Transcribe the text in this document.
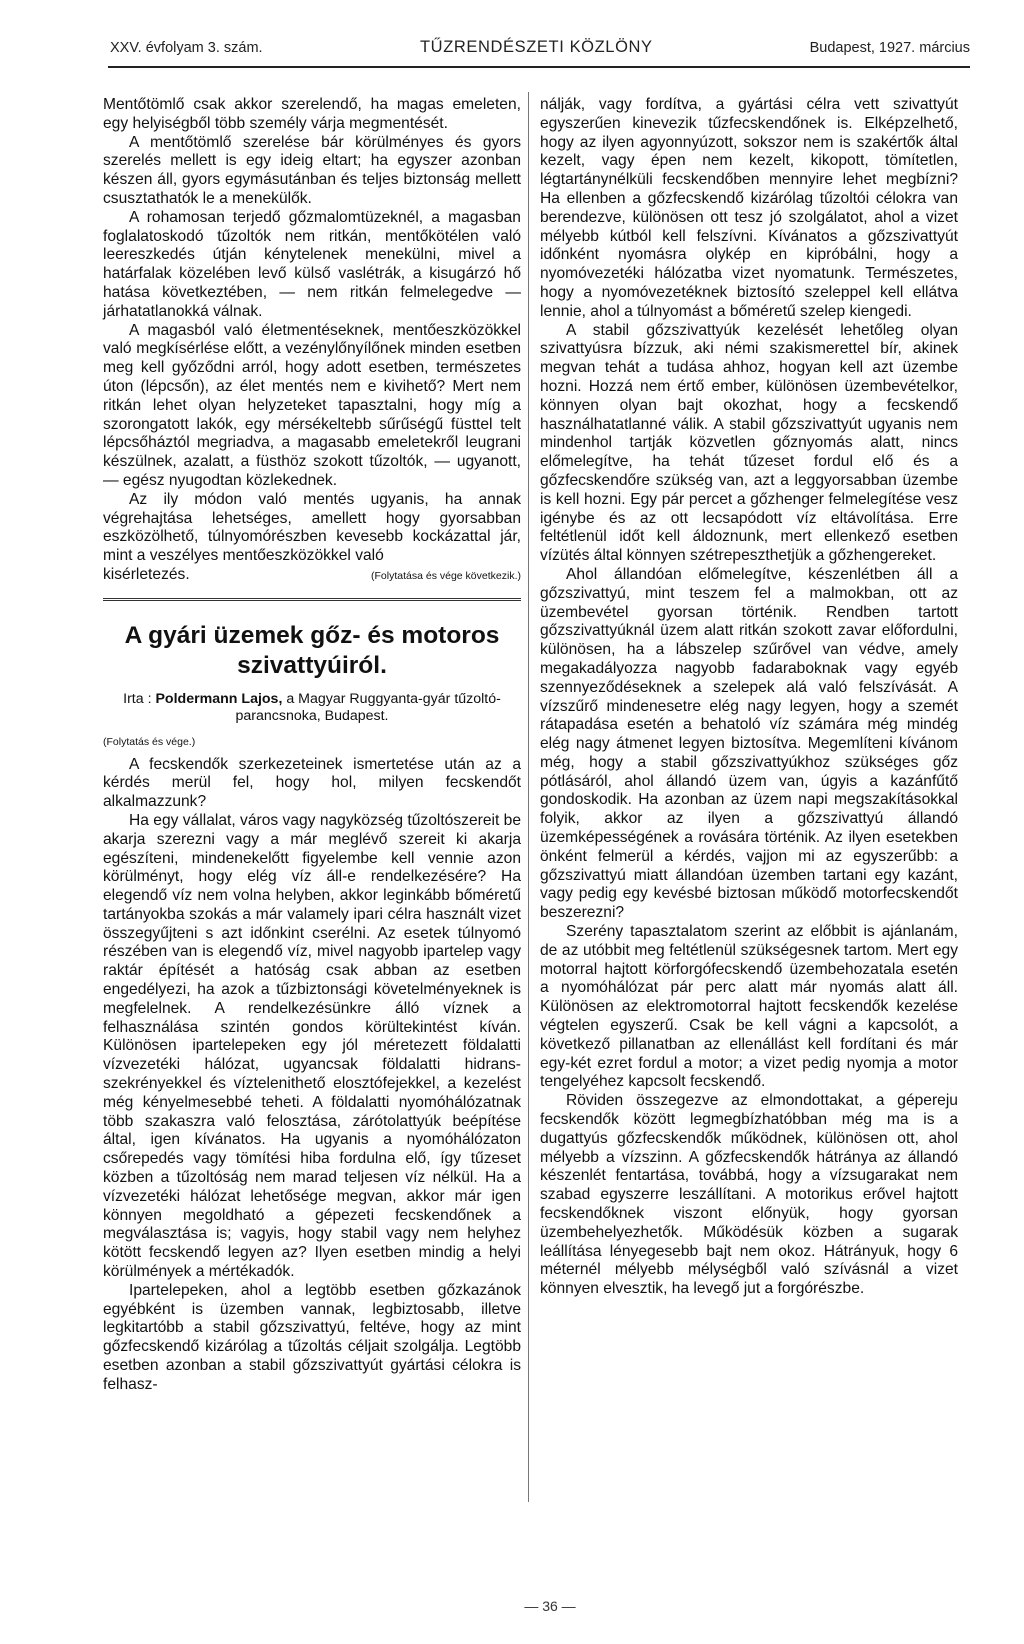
XXV. évfolyam 3. szám.	TŰZRENDÉSZETI KÖZLÖNY	Budapest, 1927. március

Mentőtömlő csak akkor szerelendő, ha magas emeleten, egy helyiségből több személy várja megmentését.

A mentőtömlő szerelése bár körülményes és gyors szerelés mellett is egy ideig eltart; ha egyszer azonban készen áll, gyors egymásutánban és teljes biztonság mellett csusztathatók le a menekülők.

A rohamosan terjedő gőzmalomtüzeknél, a magasban foglalatoskodó tűzoltók nem ritkán, mentőkötélen való leereszkedés útján kénytelenek menekülni, mivel a határfalak közelében levő külső vaslétrák, a kisugárzó hő hatása következtében, — nem ritkán felmelegedve — járhatatlanokká válnak.

A magasból való életmentéseknek, mentőeszközökkel való megkísérlése előtt, a vezénylőnyílőnek minden esetben meg kell győződni arról, hogy adott esetben, természetes úton (lépcsőn), az élet mentés nem e kivihető? Mert nem ritkán lehet olyan helyzeteket tapasztalni, hogy míg a szorongatott lakók, egy mérsékeltebb sűrűségű füsttel telt lépcsőháztól megriadva, a magasabb emeletekről leugrani készülnek, azalatt, a füsthöz szokott tűzoltók, — ugyanott, — egész nyugodtan közlekednek.

Az ily módon való mentés ugyanis, ha annak végrehajtása lehetséges, amellett hogy gyorsabban eszközölhető, túlnyomórészben kevesebb kockázattal jár, mint a veszélyes mentőeszközökkel való

kisérletezés.	(Folytatása és vége következik.)
A gyári üzemek gőz- és motoros szivattyúiról.
Irta : Poldermann Lajos, a Magyar Ruggyanta-gyár tűzoltó-parancsnoka, Budapest.
(Folytatás és vége.)

A fecskendők szerkezeteinek ismertetése után az a kérdés merül fel, hogy hol, milyen fecskendőt alkalmazzunk?

Ha egy vállalat, város vagy nagyközség tűzoltószereit be akarja szerezni vagy a már meglévő szereit ki akarja egészíteni, mindenekelőtt figyelembe kell vennie azon körülményt, hogy elég víz áll-e rendelkezésére? Ha elegendő víz nem volna helyben, akkor leginkább bőméretű tartányokba szokás a már valamely ipari célra használt vizet összegyűjteni s azt időnkint cserélni. Az esetek túlnyomó részében van is elegendő víz, mivel nagyobb ipartelep vagy raktár építését a hatóság csak abban az esetben engedélyezi, ha azok a tűzbiztonsági követelményeknek is megfelelnek. A rendelkezésünkre álló víznek a felhasználása szintén gondos körültekintést kíván. Különösen ipartelepeken egy jól méretezett földalatti vízvezetéki hálózat, ugyancsak földalatti hidrans-szekrényekkel és víztelenithető elosztófejekkel, a kezelést még kényelmesebbé teheti. A földalatti nyomóhálózatnak több szakaszra való felosztása, zárótolattyúk beépítése által, igen kívánatos. Ha ugyanis a nyomóhálózaton csőrepedés vagy tömítési hiba fordulna elő, így tűzeset közben a tűzoltóság nem marad teljesen víz nélkül. Ha a vízvezetéki hálózat lehetősége megvan, akkor már igen könnyen megoldható a gépezeti fecskendőnek a megválasztása is; vagyis, hogy stabil vagy nem helyhez kötött fecskendő legyen az? Ilyen esetben mindig a helyi körülmények a mértékadók.

Ipartelepeken, ahol a legtöbb esetben gőzkazánok egyébként is üzemben vannak, legbiztosabb, illetve legkitartóbb a stabil gőzszivattyú, feltéve, hogy az mint gőzfecskendő kizárólag a tűzoltás céljait szolgálja. Legtöbb esetben azonban a stabil gőzszivattyút gyártási célokra is felhasz-

nálják, vagy fordítva, a gyártási célra vett szivattyút egyszerűen kinevezik tűzfecskendőnek is. Elképzelhető, hogy az ilyen agyonnyúzott, sokszor nem is szakértők által kezelt, vagy épen nem kezelt, kikopott, tömítetlen, légtartánynélküli fecskendőben mennyire lehet megbízni? Ha ellenben a gőzfecskendő kizárólag tűzoltói célokra van berendezve, különösen ott tesz jó szolgálatot, ahol a vizet mélyebb kútból kell felszívni. Kívánatos a gőzszivattyút időnként nyomásra olykép en kipróbálni, hogy a nyomóvezetéki hálózatba vizet nyomatunk. Természetes, hogy a nyomóvezetéknek biztosító szeleppel kell ellátva lennie, ahol a túlnyomást a bőméretű szelep kiengedi.

A stabil gőzszivattyúk kezelését lehetőleg olyan szivattyúsra bízzuk, aki némi szakismerettel bír, akinek megvan tehát a tudása ahhoz, hogyan kell azt üzembe hozni. Hozzá nem értő ember, különösen üzembevételkor, könnyen olyan bajt okozhat, hogy a fecskendő használhatatlanné válik. A stabil gőzszivattyút ugyanis nem mindenhol tartják közvetlen gőznyomás alatt, nincs előmelegítve, ha tehát tűzeset fordul elő és a gőzfecskendőre szükség van, azt a leggyorsabban üzembe is kell hozni. Egy pár percet a gőzhenger felmelegítése vesz igénybe és az ott lecsapódott víz eltávolítása. Erre feltétlenül időt kell áldoznunk, mert ellenkező esetben vízütés által könnyen szétrepeszthetjük a gőzhengereket.

Ahol állandóan előmelegítve, készenlétben áll a gőzszivattyú, mint teszem fel a malmokban, ott az üzembevétel gyorsan történik. Rendben tartott gőzszivattyúknál üzem alatt ritkán szokott zavar előfordulni, különösen, ha a lábszelep szűrővel van védve, amely megakadályozza nagyobb fadaraboknak vagy egyéb szennyeződéseknek a szelepek alá való felszívását. A vízszűrő mindenesetre elég nagy legyen, hogy a szemét rátapadása esetén a behatoló víz számára még mindég elég nagy átmenet legyen biztosítva. Megemlíteni kívánom még, hogy a stabil gőzszivattyúkhoz szükséges gőz pótlásáról, ahol állandó üzem van, úgyis a kazánfűtő gondoskodik. Ha azonban az üzem napi megszakításokkal folyik, akkor az ilyen a gőzszivattyú állandó üzemképességének a rovására történik. Az ilyen esetekben önként felmerül a kérdés, vajjon mi az egyszerűbb: a gőzszivattyú miatt állandóan üzemben tartani egy kazánt, vagy pedig egy kevésbé biztosan működő motorfecskendőt beszerezni?

Szerény tapasztalatom szerint az előbbit is ajánlanám, de az utóbbit meg feltétlenül szükségesnek tartom. Mert egy motorral hajtott körforgófecskendő üzembehozatala esetén a nyomóhálózat pár perc alatt már nyomás alatt áll. Különösen az elektromotorral hajtott fecskendők kezelése végtelen egyszerű. Csak be kell vágni a kapcsolót, a következő pillanatban az ellenállást kell fordítani és már egy-két ezret fordul a motor; a vizet pedig nyomja a motor tengelyéhez kapcsolt fecskendő.

Röviden összegezve az elmondottakat, a gépereju fecskendők között legmegbízhatóbban még ma is a dugattyús gőzfecskendők működnek, különösen ott, ahol mélyebb a vízszinn. A gőzfecskendők hátránya az állandó készenlét fentartása, továbbá, hogy a vízsugarakat nem szabad egyszerre leszállítani. A motorikus erővel hajtott fecskendőknek viszont előnyük, hogy gyorsan üzembehelyezhetők. Működésük közben a sugarak leállítása lényegesebb bajt nem okoz. Hátrányuk, hogy 6 méternél mélyebb mélységből való szívásnál a vizet könnyen elvesztik, ha levegő jut a forgórészbe.

— 36 —
